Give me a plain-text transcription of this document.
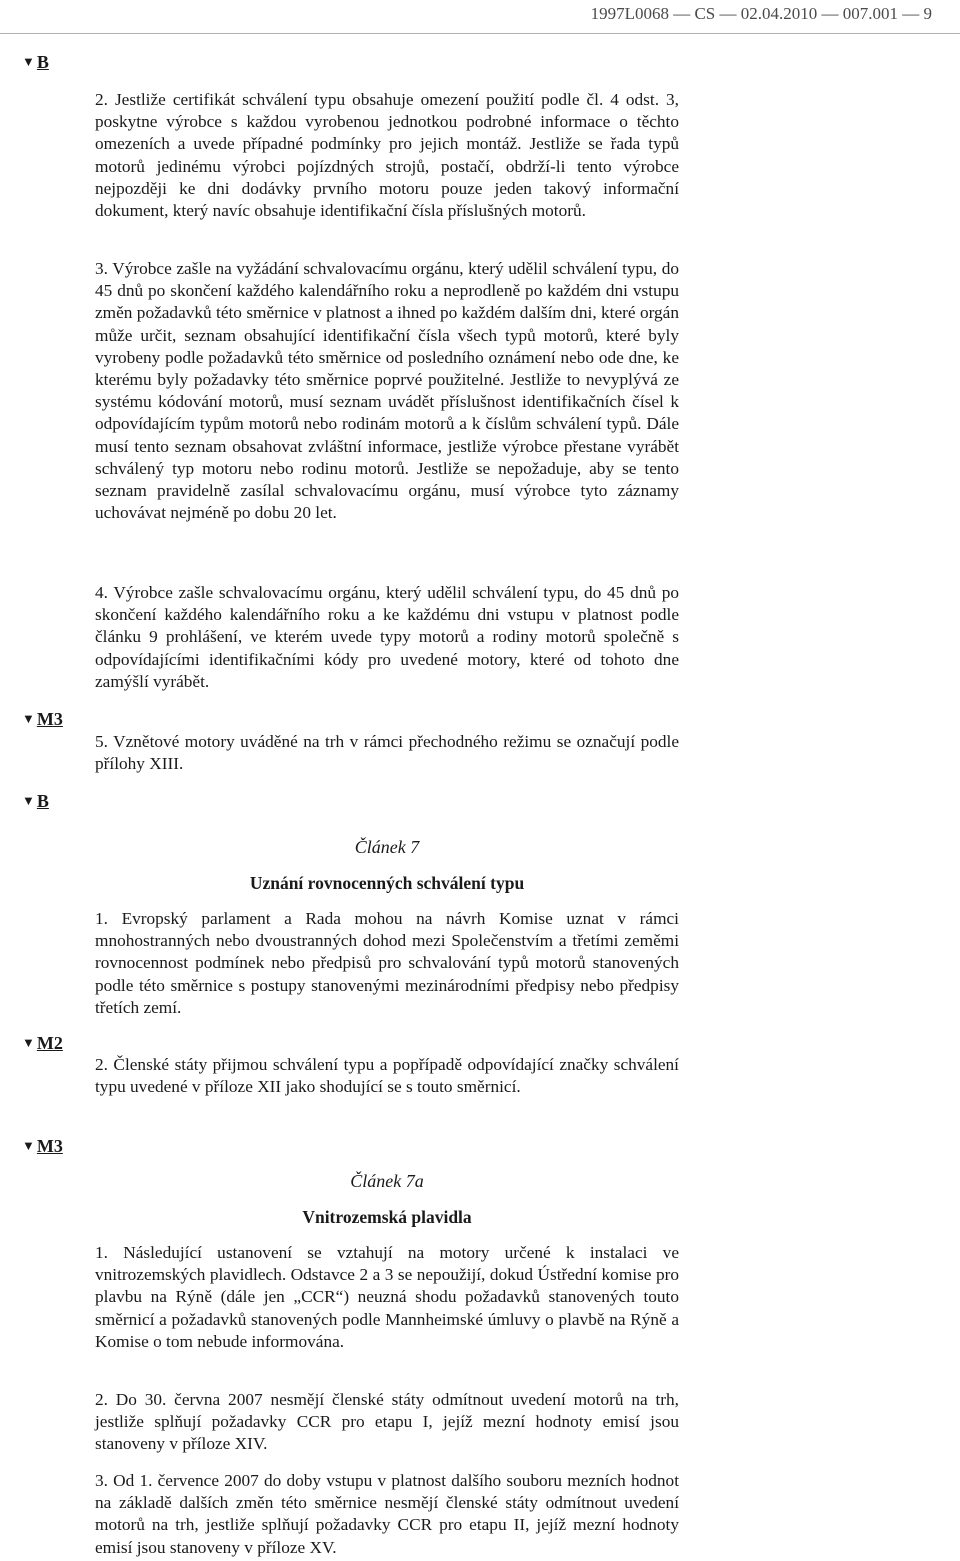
1997L0068 — CS — 02.04.2010 — 007.001 — 9
▼ B

2. Jestliže certifikát schválení typu obsahuje omezení použití podle čl. 4 odst. 3, poskytne výrobce s každou vyrobenou jednotkou podrobné informace o těchto omezeních a uvede případné podmínky pro jejich montáž. Jestliže se řada typů motorů jedinému výrobci pojízdných strojů, postačí, obdrží-li tento výrobce nejpozději ke dni dodávky prvního motoru pouze jeden takový informační dokument, který navíc obsahuje identifikační čísla příslušných motorů.

3. Výrobce zašle na vyžádání schvalovacímu orgánu, který udělil schválení typu, do 45 dnů po skončení každého kalendářního roku a neprodleně po každém dni vstupu změn požadavků této směrnice v platnost a ihned po každém dalším dni, které orgán může určit, seznam obsahující identifikační čísla všech typů motorů, které byly vyrobeny podle požadavků této směrnice od posledního oznámení nebo ode dne, ke kterému byly požadavky této směrnice poprvé použitelné. Jestliže to nevyplývá ze systému kódování motorů, musí seznam uvádět příslušnost identifikačních čísel k odpovídajícím typům motorů nebo rodinám motorů a k číslům schválení typů. Dále musí tento seznam obsahovat zvláštní informace, jestliže výrobce přestane vyrábět schválený typ motoru nebo rodinu motorů. Jestliže se nepožaduje, aby se tento seznam pravidelně zasílal schvalovacímu orgánu, musí výrobce tyto záznamy uchovávat nejméně po dobu 20 let.

4. Výrobce zašle schvalovacímu orgánu, který udělil schválení typu, do 45 dnů po skončení každého kalendářního roku a ke každému dni vstupu v platnost podle článku 9 prohlášení, ve kterém uvede typy motorů a rodiny motorů společně s odpovídajícími identifikačními kódy pro uvedené motory, které od tohoto dne zamýšlí vyrábět.

▼ M3

5. Vznětové motory uváděné na trh v rámci přechodného režimu se označují podle přílohy XIII.

▼ B
Článek 7
Uznání rovnocenných schválení typu

1. Evropský parlament a Rada mohou na návrh Komise uznat v rámci mnohostranných nebo dvoustranných dohod mezi Společenstvím a třetími zeměmi rovnocennost podmínek nebo předpisů pro schvalování typů motorů stanovených podle této směrnice s postupy stanovenými mezinárodními předpisy nebo předpisy třetích zemí.

▼ M2

2. Členské státy přijmou schválení typu a popřípadě odpovídající značky schválení typu uvedené v příloze XII jako shodující se s touto směrnicí.

▼ M3
Článek 7a
Vnitrozemská plavidla

1. Následující ustanovení se vztahují na motory určené k instalaci ve vnitrozemských plavidlech. Odstavce 2 a 3 se nepoužijí, dokud Ústřední komise pro plavbu na Rýně (dále jen „CCR“) neuzná shodu požadavků stanovených touto směrnicí a požadavků stanovených podle Mannheimské úmluvy o plavbě na Rýně a Komise o tom nebude informována.

2. Do 30. června 2007 nesmějí členské státy odmítnout uvedení motorů na trh, jestliže splňují požadavky CCR pro etapu I, jejíž mezní hodnoty emisí jsou stanoveny v příloze XIV.

3. Od 1. července 2007 do doby vstupu v platnost dalšího souboru mezních hodnot na základě dalších změn této směrnice nesmějí členské státy odmítnout uvedení motorů na trh, jestliže splňují požadavky CCR pro etapu II, jejíž mezní hodnoty emisí jsou stanoveny v příloze XV.
